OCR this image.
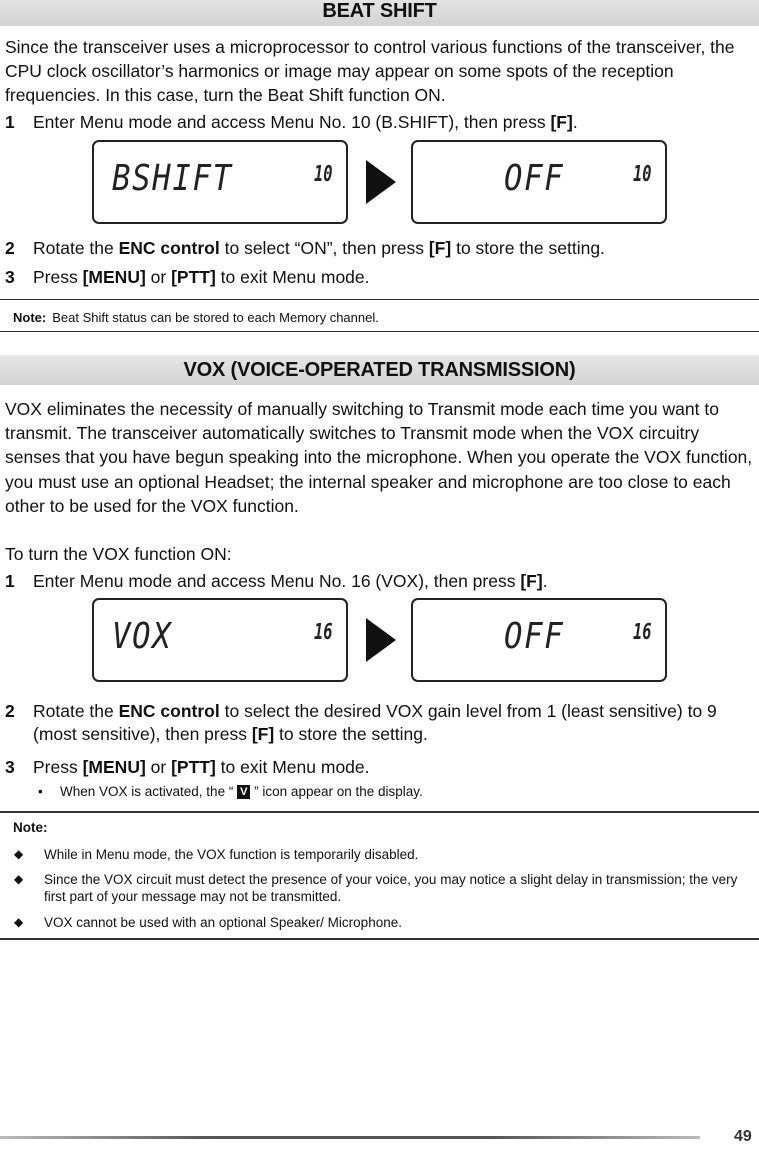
BEAT SHIFT
Since the transceiver uses a microprocessor to control various functions of the transceiver, the CPU clock oscillator’s harmonics or image may appear on some spots of the reception frequencies. In this case, turn the Beat Shift function ON.
1 Enter Menu mode and access Menu No. 10 (B.SHIFT), then press [F].
BSHIFT	10	OFF	10
2 Rotate the ENC control to select “ON”, then press [F] to store the setting.
3 Press [MENU] or [PTT] to exit Menu mode.
Note: Beat Shift status can be stored to each Memory channel.
VOX (VOICE-OPERATED TRANSMISSION)
VOX eliminates the necessity of manually switching to Transmit mode each time you want to transmit. The transceiver automatically switches to Transmit mode when the VOX circuitry senses that you have begun speaking into the microphone. When you operate the VOX function, you must use an optional Headset; the internal speaker and microphone are too close to each other to be used for the VOX function.
To turn the VOX function ON:
1 Enter Menu mode and access Menu No. 16 (VOX), then press [F].
VOX	16	OFF	16
2 Rotate the ENC control to select the desired VOX gain level from 1 (least sensitive) to 9 (most sensitive), then press [F] to store the setting.
3 Press [MENU] or [PTT] to exit Menu mode.
• When VOX is activated, the “ V ” icon appear on the display.
Note:
◆ While in Menu mode, the VOX function is temporarily disabled.
◆ Since the VOX circuit must detect the presence of your voice, you may notice a slight delay in transmission; the very first part of your message may not be transmitted.
◆ VOX cannot be used with an optional Speaker/ Microphone.
49
